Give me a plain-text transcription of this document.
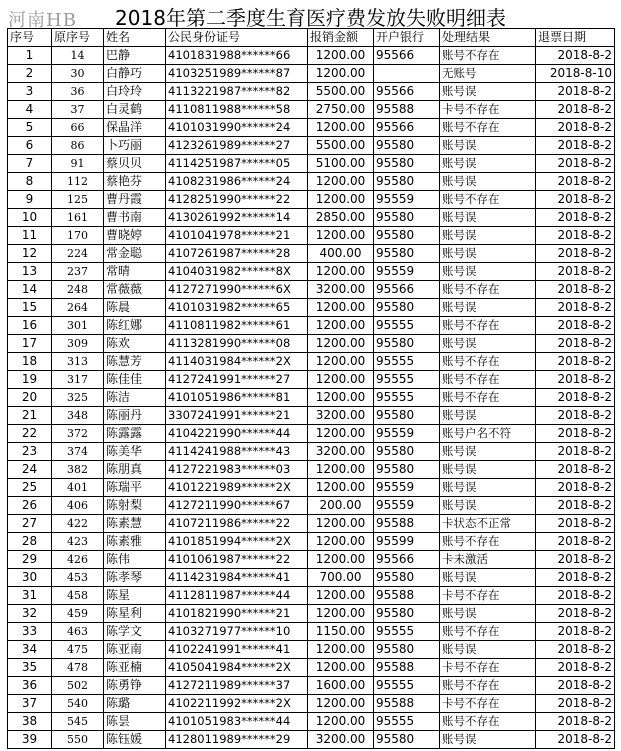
河南HB	2018年第二季度生育医疗费发放失败明细表
序号	原序号	姓名	公民身份证号	报销金额	开户银行	处理结果	退票日期
1	14	巴静	4101831988******66	1200.00	95566	账号不存在	2018-8-2
2	30	白静巧	4103251989******87	1200.00		无账号	2018-8-10
3	36	白玲玲	4113221987******82	5500.00	95566	账号误	2018-8-2
4	37	白灵鹤	4110811988******58	2750.00	95588	卡号不存在	2018-8-2
5	66	保晶洋	4101031990******24	1200.00	95566	账号不存在	2018-8-2
6	86	卜巧丽	4123261989******27	5500.00	95580	账号误	2018-8-2
7	91	蔡贝贝	4114251987******05	5100.00	95580	账号误	2018-8-2
8	112	蔡艳芬	4108231986******24	1200.00	95580	账号误	2018-8-2
9	125	曹丹霞	4128251990******22	1200.00	95559	账号不存在	2018-8-2
10	161	曹书南	4130261992******14	2850.00	95580	账号误	2018-8-2
11	170	曹晓婷	4101041978******21	1200.00	95580	账号误	2018-8-2
12	224	常金聪	4107261987******28	400.00	95580	账号误	2018-8-2
13	237	常晴	4104031982******8X	1200.00	95559	账号误	2018-8-2
14	248	常薇薇	4127271990******6X	3200.00	95566	账号不存在	2018-8-2
15	264	陈晨	4101031982******65	1200.00	95580	账号误	2018-8-2
16	301	陈红娜	4110811982******61	1200.00	95555	账号不存在	2018-8-2
17	309	陈欢	4113281990******08	1200.00	95580	账号误	2018-8-2
18	313	陈慧芳	4114031984******2X	1200.00	95555	账号不存在	2018-8-2
19	317	陈佳佳	4127241991******27	1200.00	95555	账号不存在	2018-8-2
20	325	陈洁	4101051986******81	1200.00	95555	账号不存在	2018-8-2
21	348	陈丽丹	3307241991******21	3200.00	95580	账号误	2018-8-2
22	372	陈露露	4104221990******44	1200.00	95559	账号户名不符	2018-8-2
23	374	陈美华	4114241988******43	3200.00	95580	账号误	2018-8-2
24	382	陈朋真	4127221983******03	1200.00	95580	账号误	2018-8-2
25	401	陈瑞平	4101221989******2X	1200.00	95559	账号误	2018-8-2
26	406	陈射梨	4127211990******67	200.00	95559	账号误	2018-8-2
27	422	陈素慧	4107211986******22	1200.00	95588	卡状态不正常	2018-8-2
28	423	陈素雅	4101851994******2X	1200.00	95599	账号不存在	2018-8-2
29	426	陈伟	4101061987******22	1200.00	95566	卡未激活	2018-8-2
30	453	陈孝琴	4114231984******41	700.00	95580	账号误	2018-8-2
31	458	陈星	4112811987******44	1200.00	95588	卡号不存在	2018-8-2
32	459	陈星利	4101821990******21	1200.00	95580	账号误	2018-8-2
33	463	陈学文	4103271977******10	1150.00	95555	账号不存在	2018-8-2
34	475	陈亚南	4102241991******41	1200.00	95580	账号误	2018-8-2
35	478	陈亚楠	4105041984******2X	1200.00	95588	卡号不存在	2018-8-2
36	502	陈勇铮	4127211989******37	1600.00	95555	账号不存在	2018-8-2
37	540	陈璐	4102211992******2X	1200.00	95588	卡号不存在	2018-8-2
38	545	陈昙	4101051983******44	1200.00	95555	账号不存在	2018-8-2
39	550	陈钰媛	4128011989******29	3200.00	95580	账号误	2018-8-2
